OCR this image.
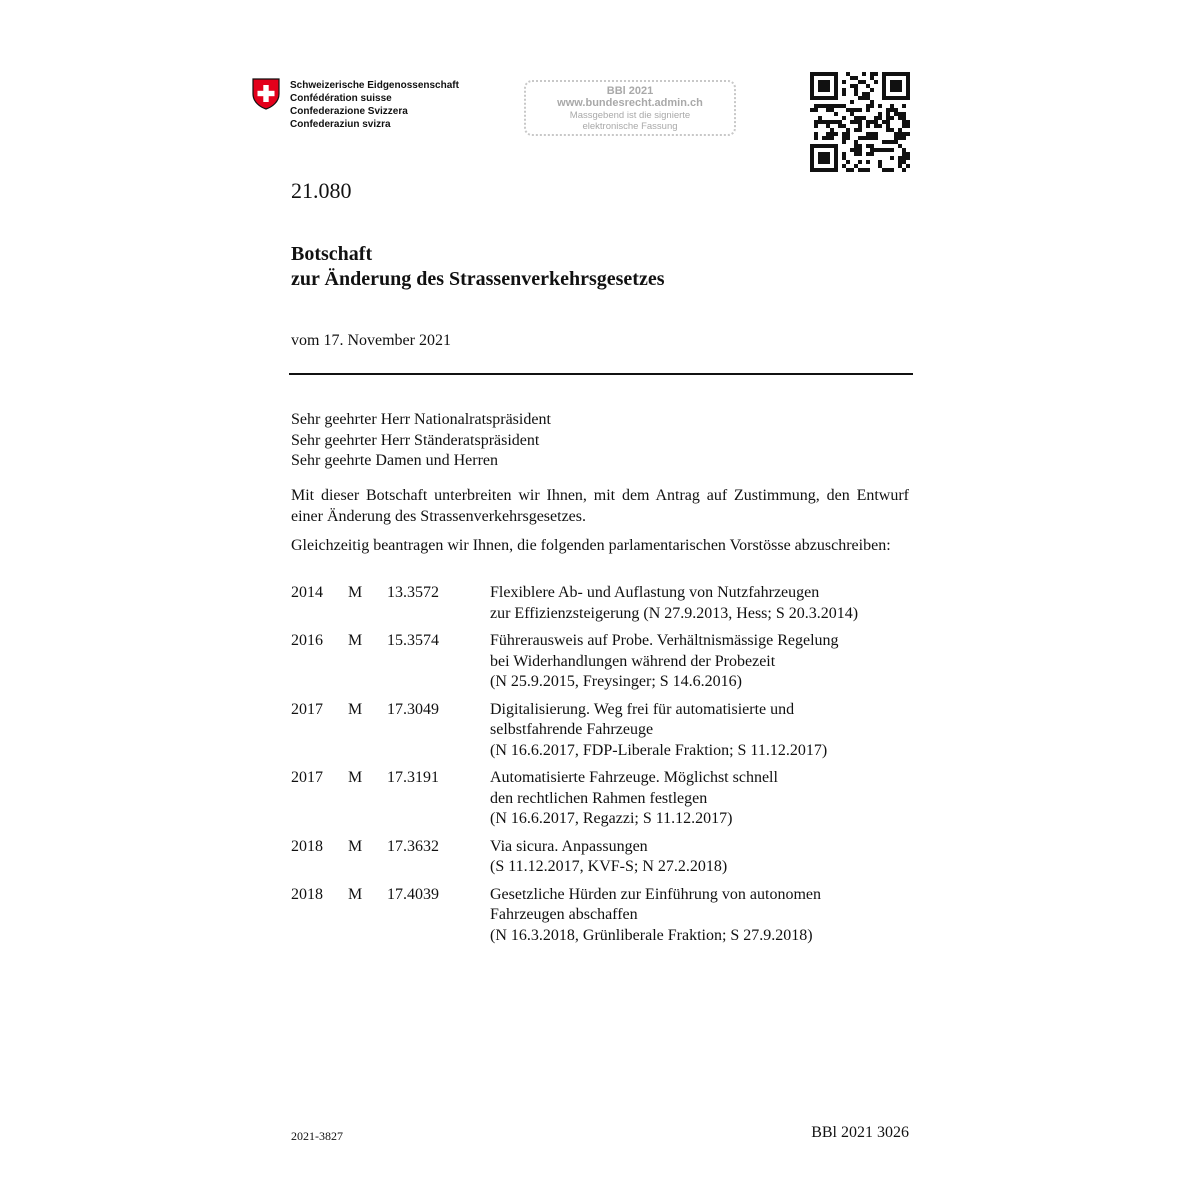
Schweizerische Eidgenossenschaft
Confédération suisse
Confederazione Svizzera
Confederaziun svizra
BBl 2021
www.bundesrecht.admin.ch
Massgebend ist die signierte
elektronische Fassung
21.080
Botschaft
zur Änderung des Strassenverkehrsgesetzes
vom 17. November 2021
Sehr geehrter Herr Nationalratspräsident
Sehr geehrter Herr Ständeratspräsident
Sehr geehrte Damen und Herren
Mit dieser Botschaft unterbreiten wir Ihnen, mit dem Antrag auf Zustimmung, den Entwurf einer Änderung des Strassenverkehrsgesetzes.
Gleichzeitig beantragen wir Ihnen, die folgenden parlamentarischen Vorstösse abzuschreiben:
2014 M 13.3572	Flexiblere Ab- und Auflastung von Nutzfahrzeugen
zur Effizienzsteigerung (N 27.9.2013, Hess; S 20.3.2014)
2016 M 15.3574	Führerausweis auf Probe. Verhältnismässige Regelung
bei Widerhandlungen während der Probezeit
(N 25.9.2015, Freysinger; S 14.6.2016)
2017 M 17.3049	Digitalisierung. Weg frei für automatisierte und
selbstfahrende Fahrzeuge
(N 16.6.2017, FDP-Liberale Fraktion; S 11.12.2017)
2017 M 17.3191	Automatisierte Fahrzeuge. Möglichst schnell
den rechtlichen Rahmen festlegen
(N 16.6.2017, Regazzi; S 11.12.2017)
2018 M 17.3632	Via sicura. Anpassungen
(S 11.12.2017, KVF-S; N 27.2.2018)
2018 M 17.4039	Gesetzliche Hürden zur Einführung von autonomen
Fahrzeugen abschaffen
(N 16.3.2018, Grünliberale Fraktion; S 27.9.2018)
2021-3827	BBl 2021 3026
